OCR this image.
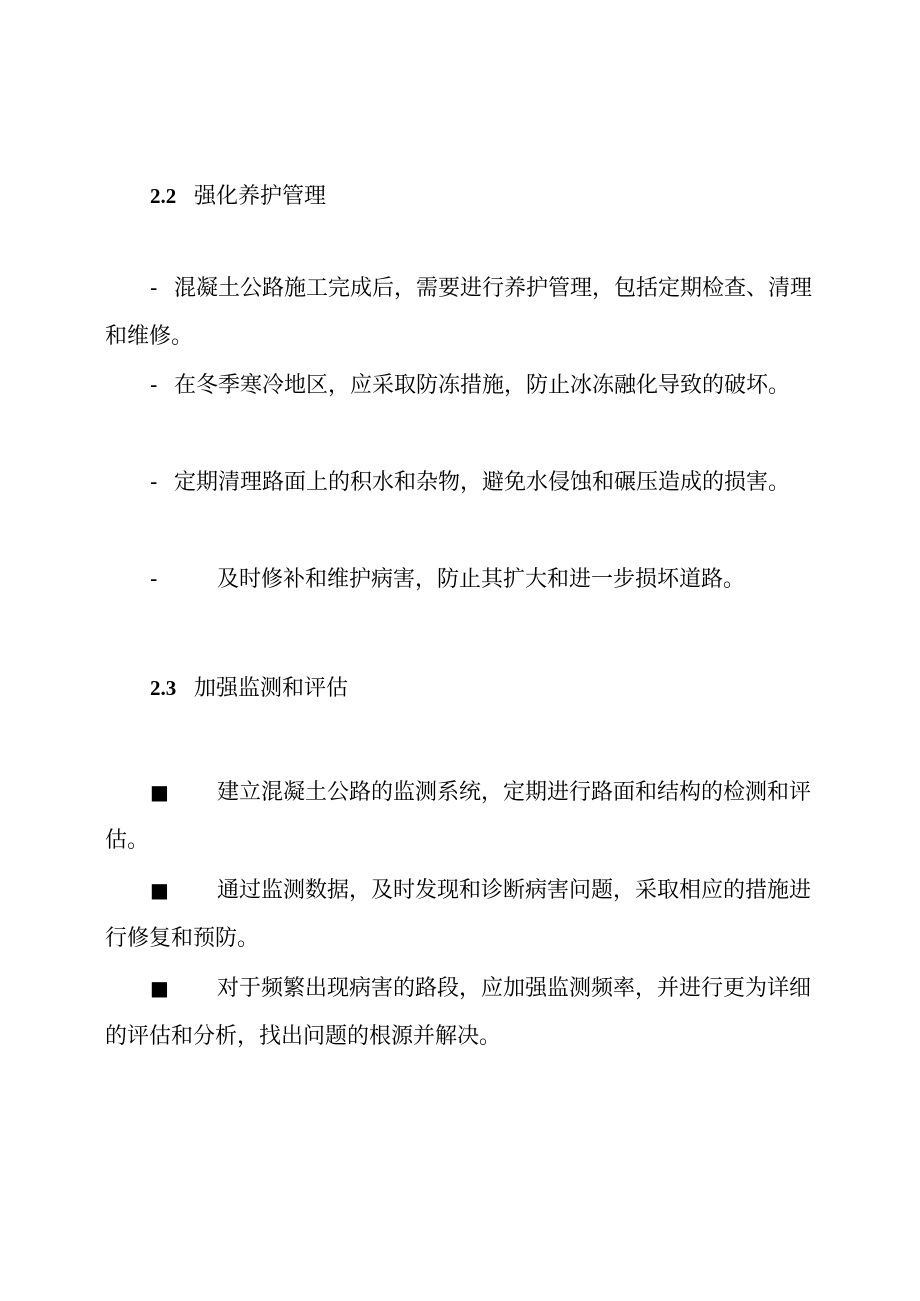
2.2 强化养护管理

- 混凝土公路施工完成后，需要进行养护管理，包括定期检查、清理和维修。

- 在冬季寒冷地区，应采取防冻措施，防止冰冻融化导致的破坏。

- 定期清理路面上的积水和杂物，避免水侵蚀和碾压造成的损害。

-	及时修补和维护病害，防止其扩大和进一步损坏道路。

2.3 加强监测和评估

■ 建立混凝土公路的监测系统，定期进行路面和结构的检测和评估。

■ 通过监测数据，及时发现和诊断病害问题，采取相应的措施进行修复和预防。

■ 对于频繁出现病害的路段，应加强监测频率，并进行更为详细的评估和分析，找出问题的根源并解决。
